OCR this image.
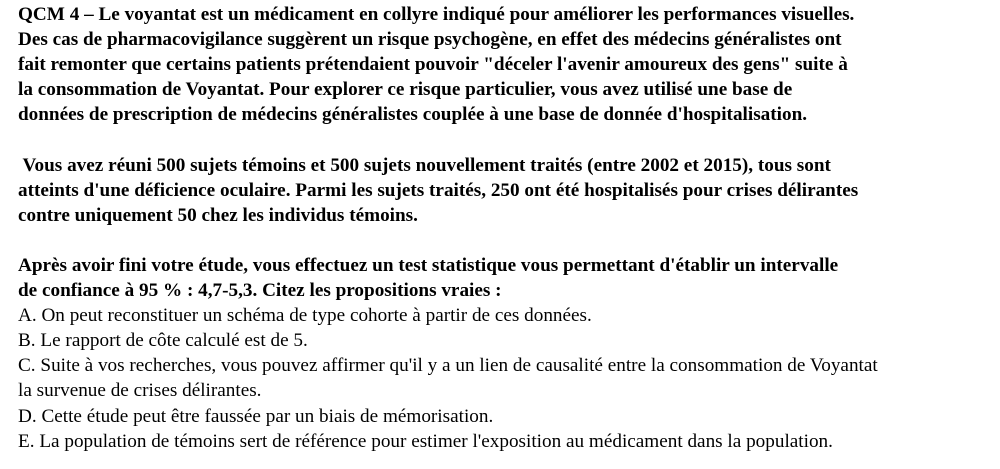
QCM 4 – Le voyantat est un médicament en collyre indiqué pour améliorer les performances visuelles.
Des cas de pharmacovigilance suggèrent un risque psychogène, en effet des médecins généralistes ont
fait remonter que certains patients prétendaient pouvoir "déceler l'avenir amoureux des gens" suite à
la consommation de Voyantat. Pour explorer ce risque particulier, vous avez utilisé une base de
données de prescription de médecins généralistes couplée à une base de donnée d'hospitalisation.
Vous avez réuni 500 sujets témoins et 500 sujets nouvellement traités (entre 2002 et 2015), tous sont
atteints d'une déficience oculaire. Parmi les sujets traités, 250 ont été hospitalisés pour crises délirantes
contre uniquement 50 chez les individus témoins.
Après avoir fini votre étude, vous effectuez un test statistique vous permettant d'établir un intervalle
de confiance à 95 % : 4,7-5,3. Citez les propositions vraies :
A. On peut reconstituer un schéma de type cohorte à partir de ces données.
B. Le rapport de côte calculé est de 5.
C. Suite à vos recherches, vous pouvez affirmer qu'il y a un lien de causalité entre la consommation de Voyantat
la survenue de crises délirantes.
D. Cette étude peut être faussée par un biais de mémorisation.
E. La population de témoins sert de référence pour estimer l'exposition au médicament dans la population.
